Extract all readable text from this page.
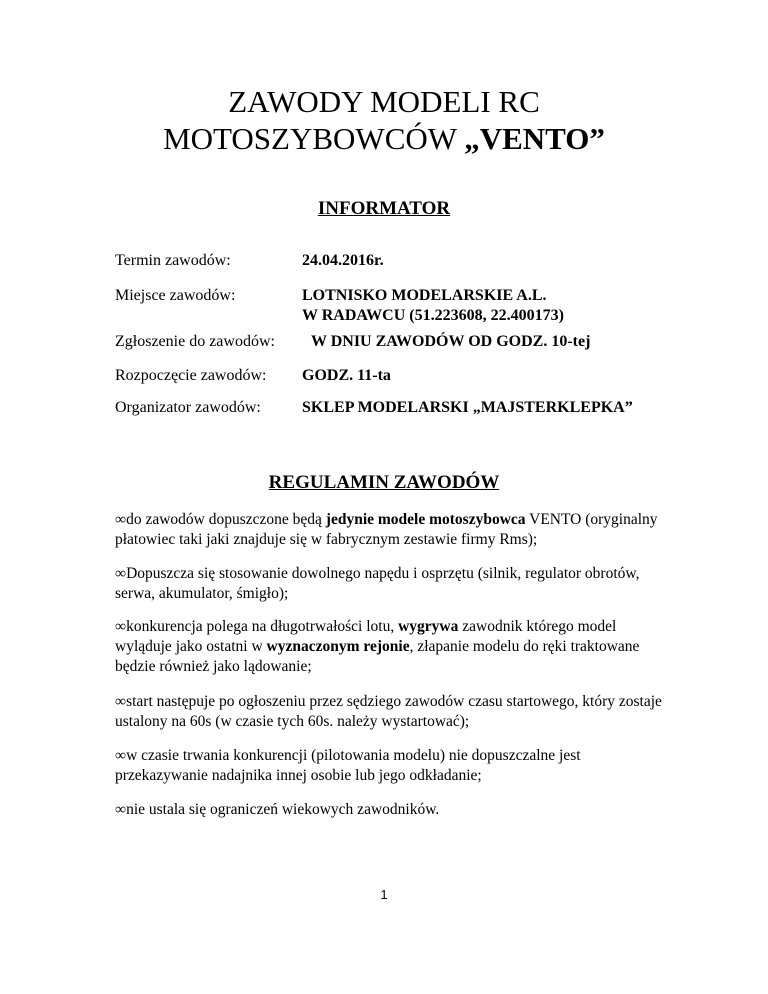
ZAWODY MODELI RC
MOTOSZYBOWCÓW „VENTO”
INFORMATOR
Termin zawodów:	24.04.2016r.
Miejsce zawodów:	LOTNISKO MODELARSKIE A.L.
W RADAWCU (51.223608, 22.400173)
Zgłoszenie do zawodów: W DNIU ZAWODÓW OD GODZ. 10-tej
Rozpoczęcie zawodów: GODZ. 11-ta
Organizator zawodów:	SKLEP MODELARSKI „MAJSTERKLEPKA”
REGULAMIN ZAWODÓW
∞do zawodów dopuszczone będą jedynie modele motoszybowca VENTO (oryginalny płatowiec taki jaki znajduje się w fabrycznym zestawie firmy Rms);
∞Dopuszcza się stosowanie dowolnego napędu i osprzętu (silnik, regulator obrotów, serwa, akumulator, śmigło);
∞konkurencja polega na długotrwałości lotu, wygrywa zawodnik którego model wyląduje jako ostatni w wyznaczonym rejonie, złapanie modelu do ręki traktowane będzie również jako lądowanie;
∞start następuje po ogłoszeniu przez sędziego zawodów czasu startowego, który zostaje ustalony na 60s (w czasie tych 60s. należy wystartować);
∞w czasie trwania konkurencji (pilotowania modelu) nie dopuszczalne jest przekazywanie nadajnika innej osobie lub jego odkładanie;
∞nie ustala się ograniczeń wiekowych zawodników.
1
